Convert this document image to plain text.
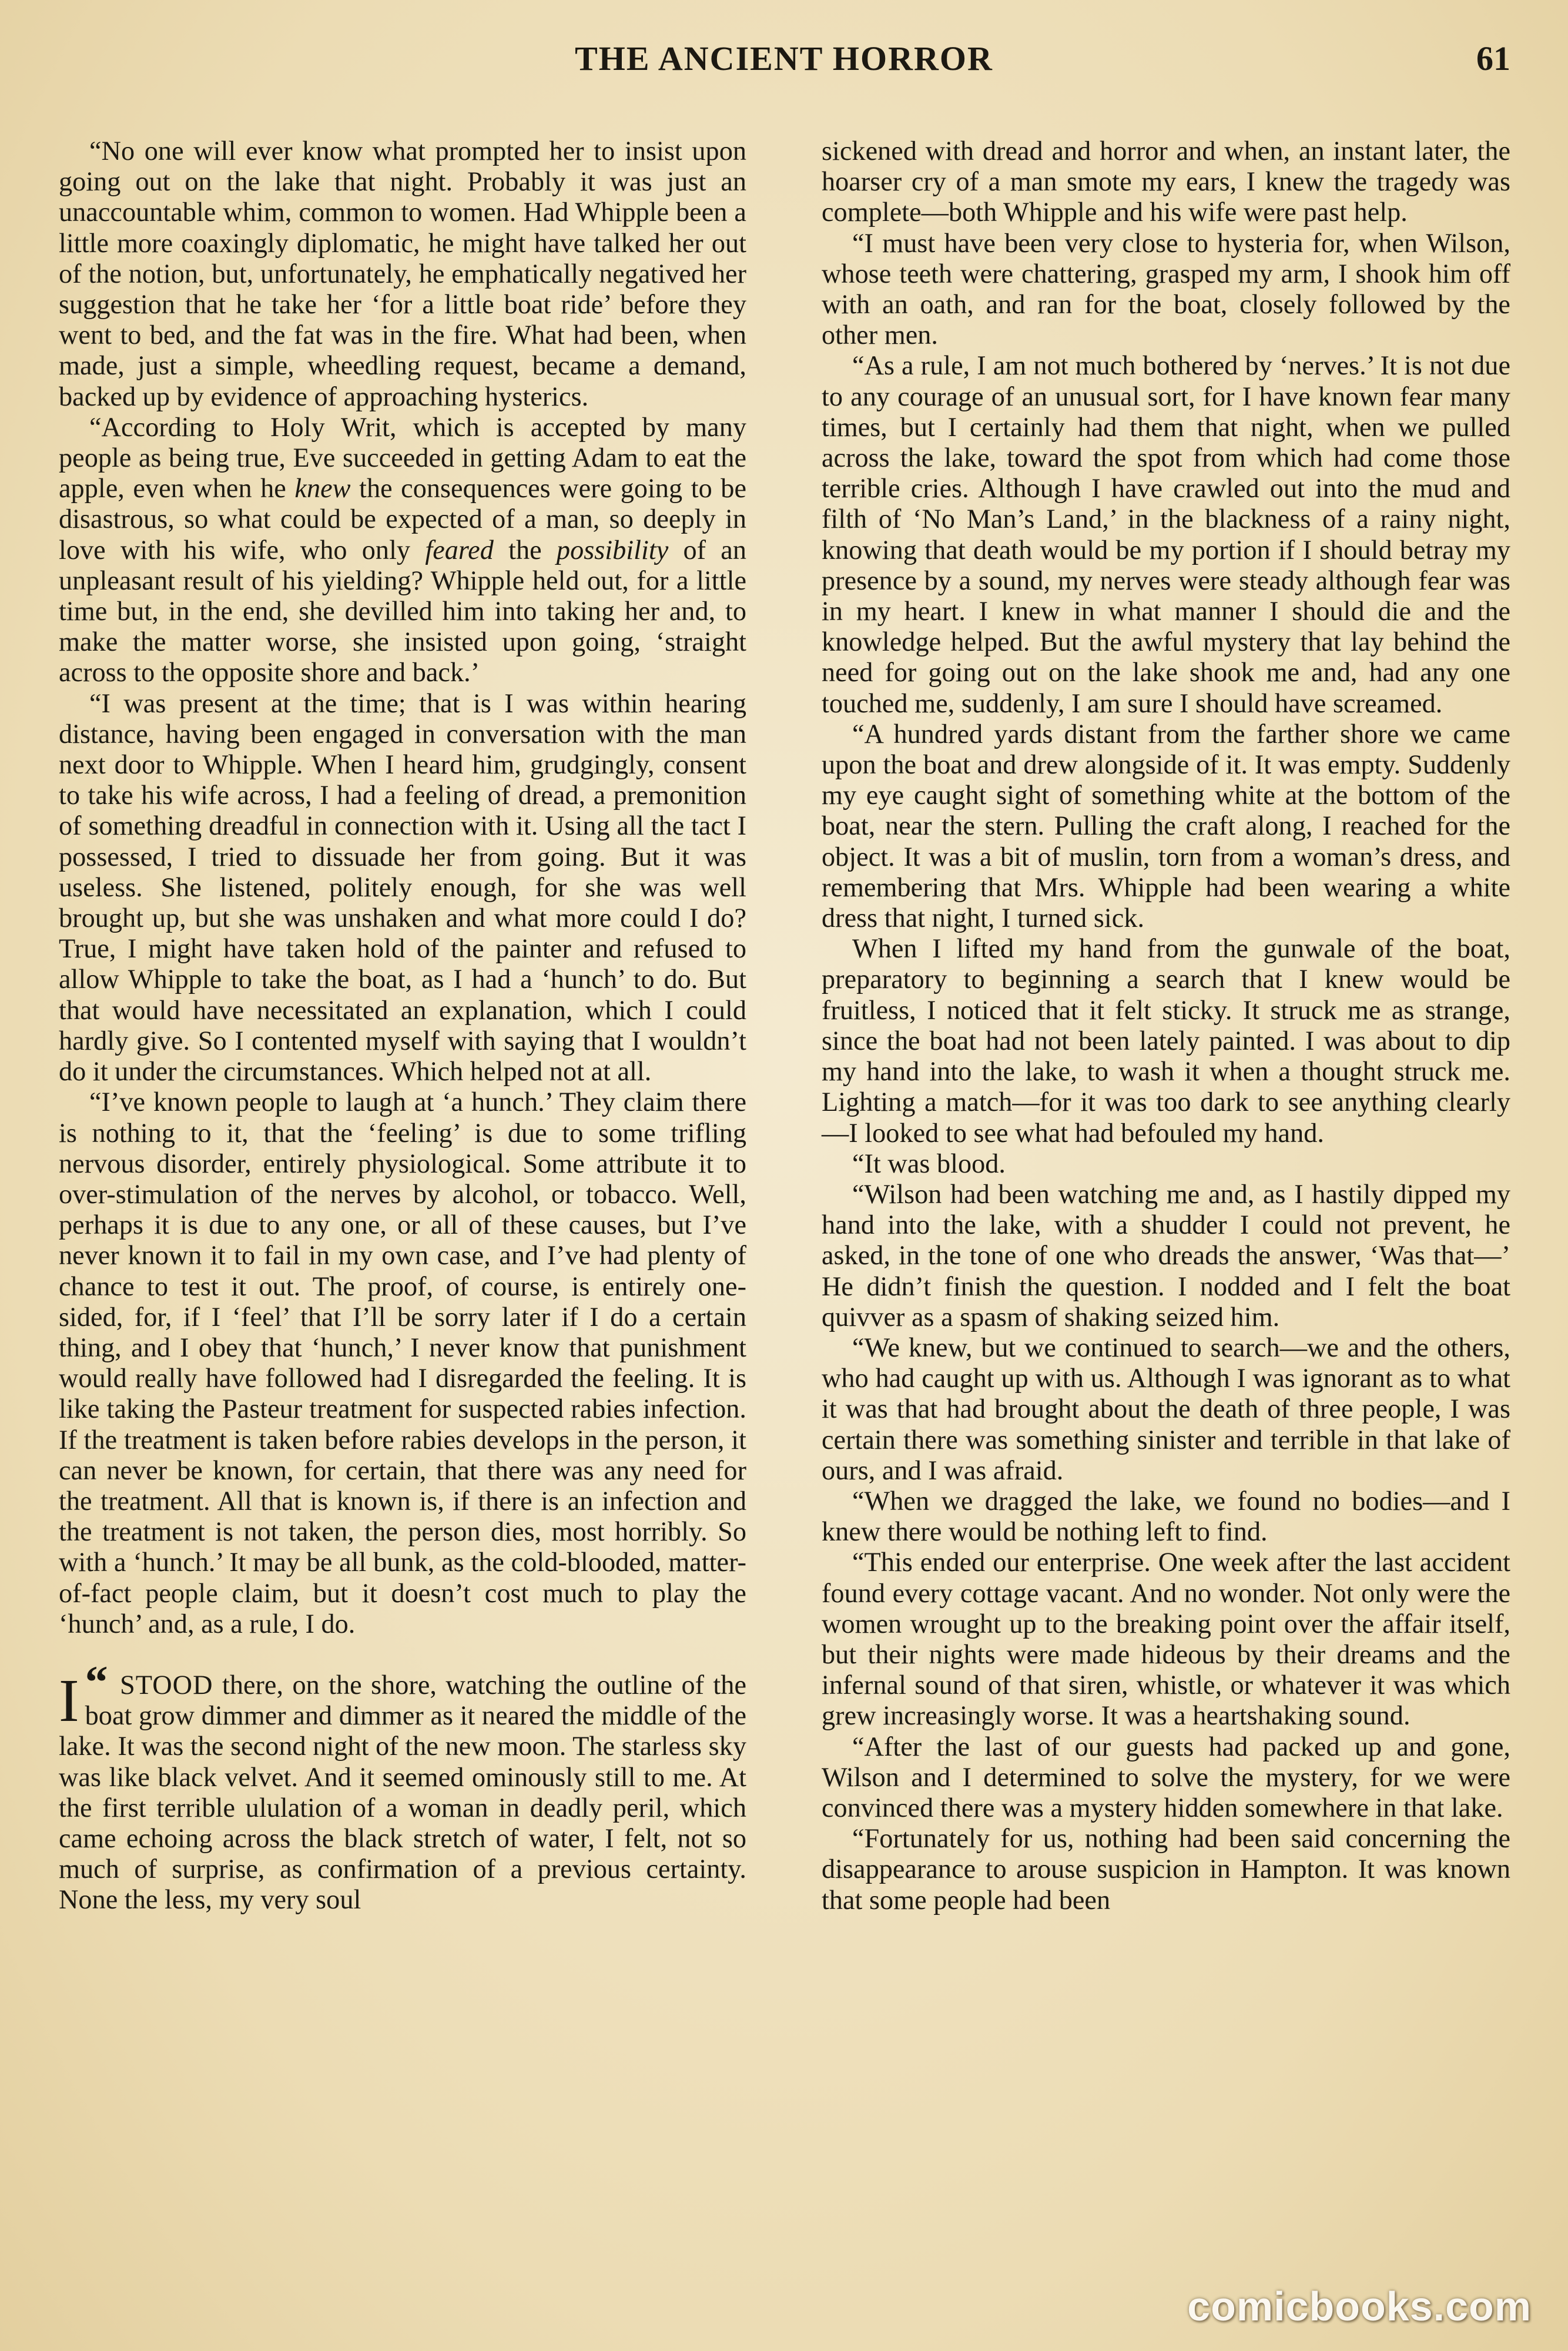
THE ANCIENT HORROR	61

“No one will ever know what prompted her to insist upon going out on the lake that night. Probably it was just an unaccountable whim, common to women. Had Whipple been a little more coaxingly diplomatic, he might have talked her out of the notion, but, unfortunately, he emphatically negatived her suggestion that he take her ‘for a little boat ride’ before they went to bed, and the fat was in the fire. What had been, when made, just a simple, wheedling request, became a demand, backed up by evidence of approaching hysterics.

“According to Holy Writ, which is accepted by many people as being true, Eve succeeded in getting Adam to eat the apple, even when he knew the consequences were going to be disastrous, so what could be expected of a man, so deeply in love with his wife, who only feared the possibility of an unpleasant result of his yielding? Whipple held out, for a little time but, in the end, she devilled him into taking her and, to make the matter worse, she insisted upon going, ‘straight across to the opposite shore and back.’

“I was present at the time; that is I was within hearing distance, having been engaged in conversation with the man next door to Whipple. When I heard him, grudgingly, consent to take his wife across, I had a feeling of dread, a premonition of something dreadful in connection with it. Using all the tact I possessed, I tried to dissuade her from going. But it was useless. She listened, politely enough, for she was well brought up, but she was unshaken and what more could I do? True, I might have taken hold of the painter and refused to allow Whipple to take the boat, as I had a ‘hunch’ to do. But that would have necessitated an explanation, which I could hardly give. So I contented myself with saying that I wouldn’t do it under the circumstances. Which helped not at all.

“I’ve known people to laugh at ‘a hunch.’ They claim there is nothing to it, that the ‘feeling’ is due to some trifling nervous disorder, entirely physiological. Some attribute it to over-stimulation of the nerves by alcohol, or tobacco. Well, perhaps it is due to any one, or all of these causes, but I’ve never known it to fail in my own case, and I’ve had plenty of chance to test it out. The proof, of course, is entirely one-sided, for, if I ‘feel’ that I’ll be sorry later if I do a certain thing, and I obey that ‘hunch,’ I never know that punishment would really have followed had I disregarded the feeling. It is like taking the Pasteur treatment for suspected rabies infection. If the treatment is taken before rabies develops in the person, it can never be known, for certain, that there was any need for the treatment. All that is known is, if there is an infection and the treatment is not taken, the person dies, most horribly. So with a ‘hunch.’ It may be all bunk, as the cold-blooded, matter-of-fact people claim, but it doesn’t cost much to play the ‘hunch’ and, as a rule, I do.

“
I STOOD there, on the shore, watching the outline of the boat grow dimmer and dimmer as it neared the middle of the lake. It was the second night of the new moon. The starless sky was like black velvet. And it seemed ominously still to me. At the first terrible ululation of a woman in deadly peril, which came echoing across the black stretch of water, I felt, not so much of surprise, as confirmation of a previous certainty. None the less, my very soul

sickened with dread and horror and when, an instant later, the hoarser cry of a man smote my ears, I knew the tragedy was complete—both Whipple and his wife were past help.

“I must have been very close to hysteria for, when Wilson, whose teeth were chattering, grasped my arm, I shook him off with an oath, and ran for the boat, closely followed by the other men.

“As a rule, I am not much bothered by ‘nerves.’ It is not due to any courage of an unusual sort, for I have known fear many times, but I certainly had them that night, when we pulled across the lake, toward the spot from which had come those terrible cries. Although I have crawled out into the mud and filth of ‘No Man’s Land,’ in the blackness of a rainy night, knowing that death would be my portion if I should betray my presence by a sound, my nerves were steady although fear was in my heart. I knew in what manner I should die and the knowledge helped. But the awful mystery that lay behind the need for going out on the lake shook me and, had any one touched me, suddenly, I am sure I should have screamed.

“A hundred yards distant from the farther shore we came upon the boat and drew alongside of it. It was empty. Suddenly my eye caught sight of something white at the bottom of the boat, near the stern. Pulling the craft along, I reached for the object. It was a bit of muslin, torn from a woman’s dress, and remembering that Mrs. Whipple had been wearing a white dress that night, I turned sick.

When I lifted my hand from the gunwale of the boat, preparatory to beginning a search that I knew would be fruitless, I noticed that it felt sticky. It struck me as strange, since the boat had not been lately painted. I was about to dip my hand into the lake, to wash it when a thought struck me. Lighting a match—for it was too dark to see anything clearly—I looked to see what had befouled my hand.

“It was blood.

“Wilson had been watching me and, as I hastily dipped my hand into the lake, with a shudder I could not prevent, he asked, in the tone of one who dreads the answer, ‘Was that—’ He didn’t finish the question. I nodded and I felt the boat quivver as a spasm of shaking seized him.

“We knew, but we continued to search—we and the others, who had caught up with us. Although I was ignorant as to what it was that had brought about the death of three people, I was certain there was something sinister and terrible in that lake of ours, and I was afraid.

“When we dragged the lake, we found no bodies—and I knew there would be nothing left to find.

“This ended our enterprise. One week after the last accident found every cottage vacant. And no wonder. Not only were the women wrought up to the breaking point over the affair itself, but their nights were made hideous by their dreams and the infernal sound of that siren, whistle, or whatever it was which grew increasingly worse. It was a heartshaking sound.

“After the last of our guests had packed up and gone, Wilson and I determined to solve the mystery, for we were convinced there was a mystery hidden somewhere in that lake.

“Fortunately for us, nothing had been said concerning the disappearance to arouse suspicion in Hampton. It was known that some people had been

comicbooks.com
